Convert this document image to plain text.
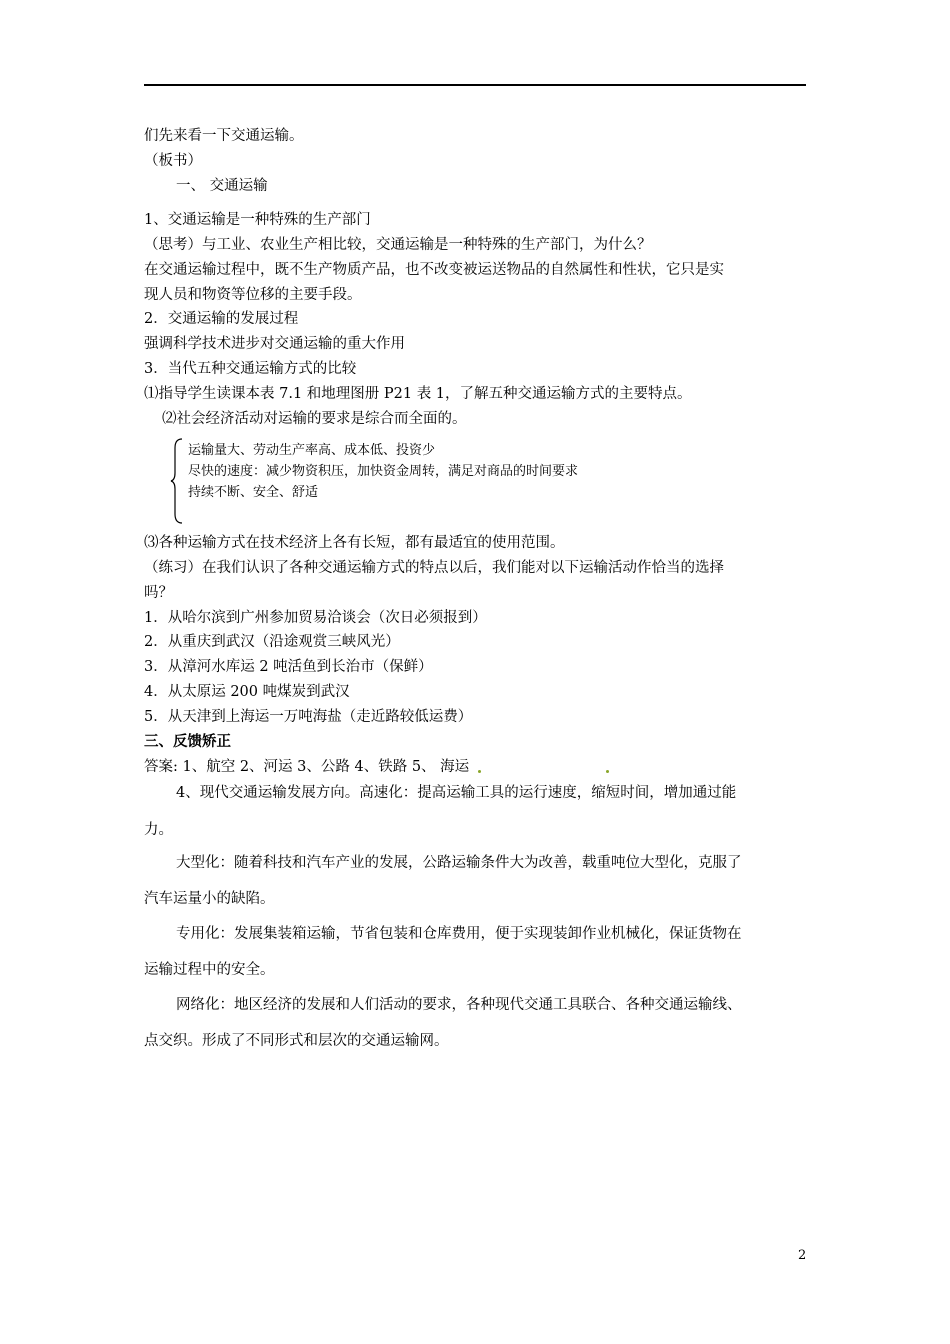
们先来看一下交通运输。
（板书）
一、 交通运输
1、交通运输是一种特殊的生产部门
（思考）与工业、农业生产相比较，交通运输是一种特殊的生产部门，为什么？
在交通运输过程中，既不生产物质产品，也不改变被运送物品的自然属性和性状，它只是实
现人员和物资等位移的主要手段。
2．交通运输的发展过程
强调科学技术进步对交通运输的重大作用
3．当代五种交通运输方式的比较
⑴指导学生读课本表 7.1 和地理图册 P21 表 1，了解五种交通运输方式的主要特点。
⑵社会经济活动对运输的要求是综合而全面的。
运输量大、劳动生产率高、成本低、投资少
尽快的速度：减少物资积压，加快资金周转，满足对商品的时间要求
持续不断、安全、舒适
⑶各种运输方式在技术经济上各有长短，都有最适宜的使用范围。
（练习）在我们认识了各种交通运输方式的特点以后，我们能对以下运输活动作恰当的选择
吗？
1．从哈尔滨到广州参加贸易洽谈会（次日必须报到）
2．从重庆到武汉（沿途观赏三峡风光）
3．从漳河水库运 2 吨活鱼到长治市（保鲜）
4．从太原运 200 吨煤炭到武汉
5．从天津到上海运一万吨海盐（走近路较低运费）
三、反馈矫正
答案: 1、航空 2、河运 3、公路 4、铁路 5、 海运
4、现代交通运输发展方向。高速化：提高运输工具的运行速度，缩短时间，增加通过能
力。
大型化：随着科技和汽车产业的发展，公路运输条件大为改善，载重吨位大型化，克服了
汽车运量小的缺陷。
专用化：发展集装箱运输，节省包装和仓库费用，便于实现装卸作业机械化，保证货物在
运输过程中的安全。
网络化：地区经济的发展和人们活动的要求，各种现代交通工具联合、各种交通运输线、
点交织。形成了不同形式和层次的交通运输网。
2
